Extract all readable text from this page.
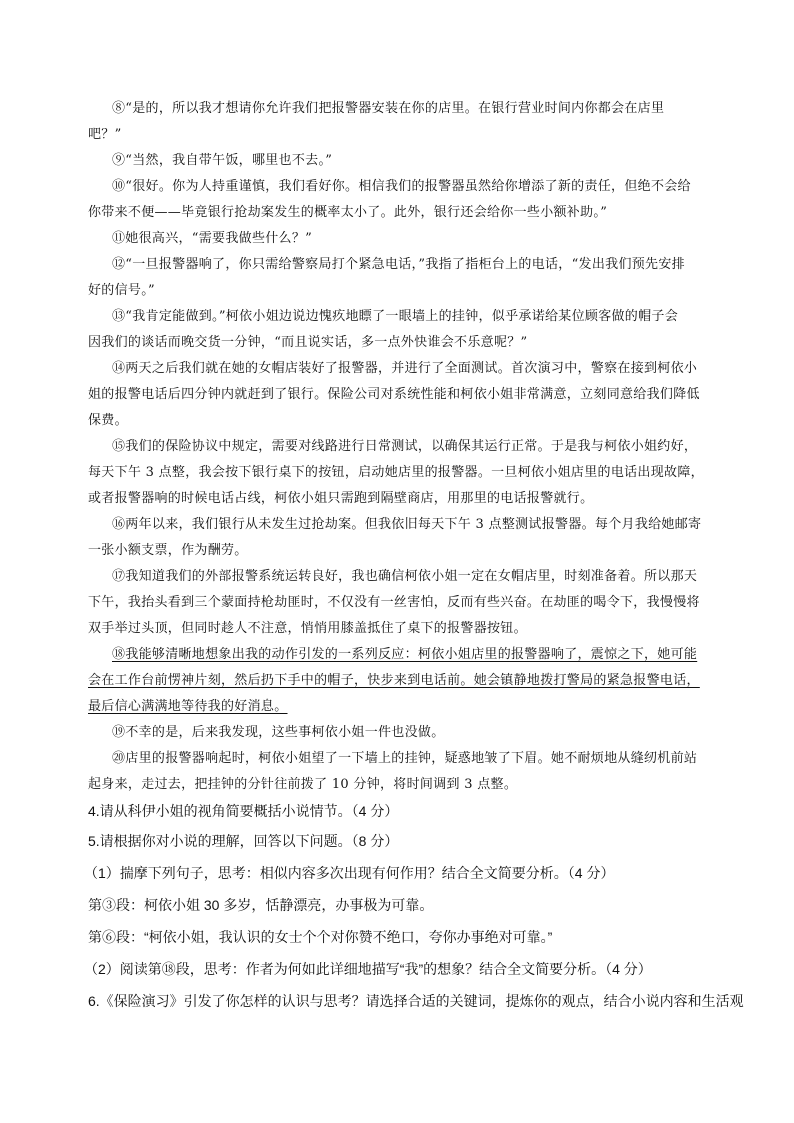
⑧“是的，所以我才想请你允许我们把报警器安装在你的店里。在银行营业时间内你都会在店里
吧？”
⑨“当然，我自带午饭，哪里也不去。”
⑩“很好。你为人持重谨慎，我们看好你。相信我们的报警器虽然给你增添了新的责任，但绝不会给
你带来不便——毕竟银行抢劫案发生的概率太小了。此外，银行还会给你一些小额补助。”
⑪她很高兴，“需要我做些什么？”
⑫“一旦报警器响了，你只需给警察局打个紧急电话，”我指了指柜台上的电话，“发出我们预先安排
好的信号。”
⑬“我肯定能做到。”柯依小姐边说边愧疚地瞟了一眼墙上的挂钟，似乎承诺给某位顾客做的帽子会
因我们的谈话而晚交货一分钟，“而且说实话，多一点外快谁会不乐意呢？”
⑭两天之后我们就在她的女帽店装好了报警器，并进行了全面测试。首次演习中，警察在接到柯依小
姐的报警电话后四分钟内就赶到了银行。保险公司对系统性能和柯依小姐非常满意，立刻同意给我们降低
保费。
⑮我们的保险协议中规定，需要对线路进行日常测试，以确保其运行正常。于是我与柯依小姐约好，
每天下午 3 点整，我会按下银行桌下的按钮，启动她店里的报警器。一旦柯依小姐店里的电话出现故障，
或者报警器响的时候电话占线，柯依小姐只需跑到隔壁商店，用那里的电话报警就行。
⑯两年以来，我们银行从未发生过抢劫案。但我依旧每天下午 3 点整测试报警器。每个月我给她邮寄
一张小额支票，作为酬劳。
⑰我知道我们的外部报警系统运转良好，我也确信柯依小姐一定在女帽店里，时刻准备着。所以那天
下午，我抬头看到三个蒙面持枪劫匪时，不仅没有一丝害怕，反而有些兴奋。在劫匪的喝令下，我慢慢将
双手举过头顶，但同时趁人不注意，悄悄用膝盖抵住了桌下的报警器按钮。
⑱我能够清晰地想象出我的动作引发的一系列反应：柯依小姐店里的报警器响了，震惊之下，她可能
会在工作台前愣神片刻，然后扔下手中的帽子，快步来到电话前。她会镇静地拨打警局的紧急报警电话，
最后信心满满地等待我的好消息。
⑲不幸的是，后来我发现，这些事柯依小姐一件也没做。
⑳店里的报警器响起时，柯依小姐望了一下墙上的挂钟，疑惑地皱了下眉。她不耐烦地从缝纫机前站
起身来，走过去，把挂钟的分针往前拨了 10 分钟，将时间调到 3 点整。
4.请从科伊小姐的视角简要概括小说情节。（4 分）
5.请根据你对小说的理解，回答以下问题。（8 分）
（1）揣摩下列句子，思考：相似内容多次出现有何作用？结合全文简要分析。（4 分）
第③段：柯依小姐 30 多岁，恬静漂亮，办事极为可靠。
第⑥段：“柯依小姐，我认识的女士个个对你赞不绝口，夸你办事绝对可靠。”
（2）阅读第⑱段，思考：作者为何如此详细地描写“我”的想象？结合全文简要分析。（4 分）
6.《保险演习》引发了你怎样的认识与思考？请选择合适的关键词，提炼你的观点，结合小说内容和生活观
